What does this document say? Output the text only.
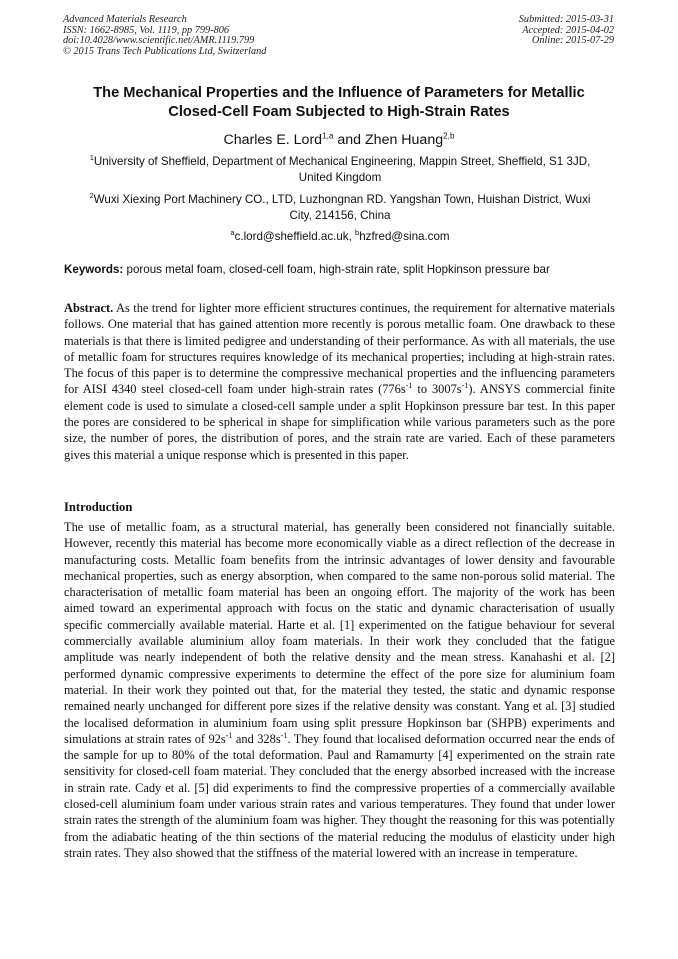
Advanced Materials Research
ISSN: 1662-8985, Vol. 1119, pp 799-806
doi:10.4028/www.scientific.net/AMR.1119.799
© 2015 Trans Tech Publications Ltd, Switzerland
Submitted: 2015-03-31
Accepted: 2015-04-02
Online: 2015-07-29
The Mechanical Properties and the Influence of Parameters for Metallic
Closed-Cell Foam Subjected to High-Strain Rates
Charles E. Lord$^{1,a}$ and Zhen Huang$^{2,b}$
$^1$University of Sheffield, Department of Mechanical Engineering, Mappin Street, Sheffield, S1 3JD,
United Kingdom
$^2$Wuxi Xiexing Port Machinery CO., LTD, Luzhongnan RD. Yangshan Town, Huishan District, Wuxi
City, 214156, China
$^a$c.lord@sheffield.ac.uk, $^b$hzfred@sina.com
Keywords: porous metal foam, closed-cell foam, high-strain rate, split Hopkinson pressure bar

Abstract. As the trend for lighter more efficient structures continues, the requirement for alternative materials follows. One material that has gained attention more recently is porous metallic foam. One drawback to these materials is that there is limited pedigree and understanding of their performance. As with all materials, the use of metallic foam for structures requires knowledge of its mechanical properties; including at high-strain rates. The focus of this paper is to determine the compressive mechanical properties and the influencing parameters for AISI 4340 steel closed-cell foam under high-strain rates ($776s^{-1}$ to $3007s^{-1}$). ANSYS commercial finite element code is used to simulate a closed-cell sample under a split Hopkinson pressure bar test. In this paper the pores are considered to be spherical in shape for simplification while various parameters such as the pore size, the number of pores, the distribution of pores, and the strain rate are varied. Each of these parameters gives this material a unique response which is presented in this paper.

Introduction

The use of metallic foam, as a structural material, has generally been considered not financially suitable. However, recently this material has become more economically viable as a direct reflection of the decrease in manufacturing costs. Metallic foam benefits from the intrinsic advantages of lower density and favourable mechanical properties, such as energy absorption, when compared to the same non-porous solid material. The characterisation of metallic foam material has been an ongoing effort. The majority of the work has been aimed toward an experimental approach with focus on the static and dynamic characterisation of usually specific commercially available material. Harte et al. [1] experimented on the fatigue behaviour for several commercially available aluminium alloy foam materials. In their work they concluded that the fatigue amplitude was nearly independent of both the relative density and the mean stress. Kanahashi et al. [2] performed dynamic compressive experiments to determine the effect of the pore size for aluminium foam material. In their work they pointed out that, for the material they tested, the static and dynamic response remained nearly unchanged for different pore sizes if the relative density was constant. Yang et al. [3] studied the localised deformation in aluminium foam using split pressure Hopkinson bar (SHPB) experiments and simulations at strain rates of $92s^{-1}$ and $328s^{-1}$. They found that localised deformation occurred near the ends of the sample for up to 80% of the total deformation. Paul and Ramamurty [4] experimented on the strain rate sensitivity for closed-cell foam material. They concluded that the energy absorbed increased with the increase in strain rate. Cady et al. [5] did experiments to find the compressive properties of a commercially available closed-cell aluminium foam under various strain rates and various temperatures. They found that under lower strain rates the strength of the aluminium foam was higher. They thought the reasoning for this was potentially from the adiabatic heating of the thin sections of the material reducing the modulus of elasticity under high strain rates. They also showed that the stiffness of the material lowered with an increase in temperature.
